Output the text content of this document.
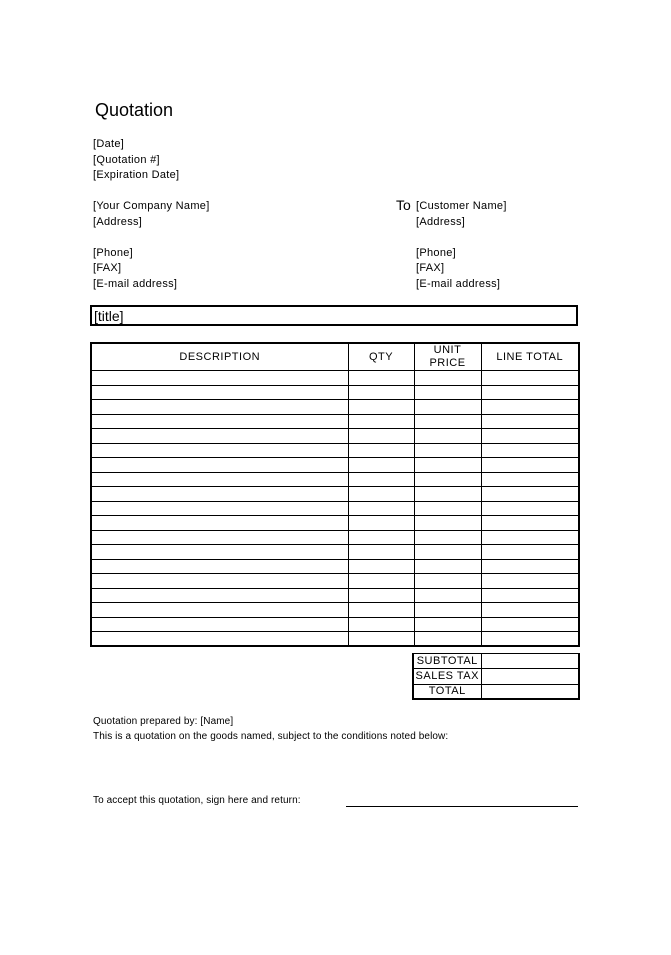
Quotation
[Date]
[Quotation #]
[Expiration Date]
[Your Company Name]
[Address]
[Phone]
[FAX]
[E-mail address]
To [Customer Name]
[Address]
[Phone]
[FAX]
[E-mail address]
[title]
DESCRIPTION	QTY	UNIT PRICE	LINE TOTAL

SUBTOTAL	
SALES TAX	
TOTAL	
Quotation prepared by: [Name]
This is a quotation on the goods named, subject to the conditions noted below:
To accept this quotation, sign here and return:
